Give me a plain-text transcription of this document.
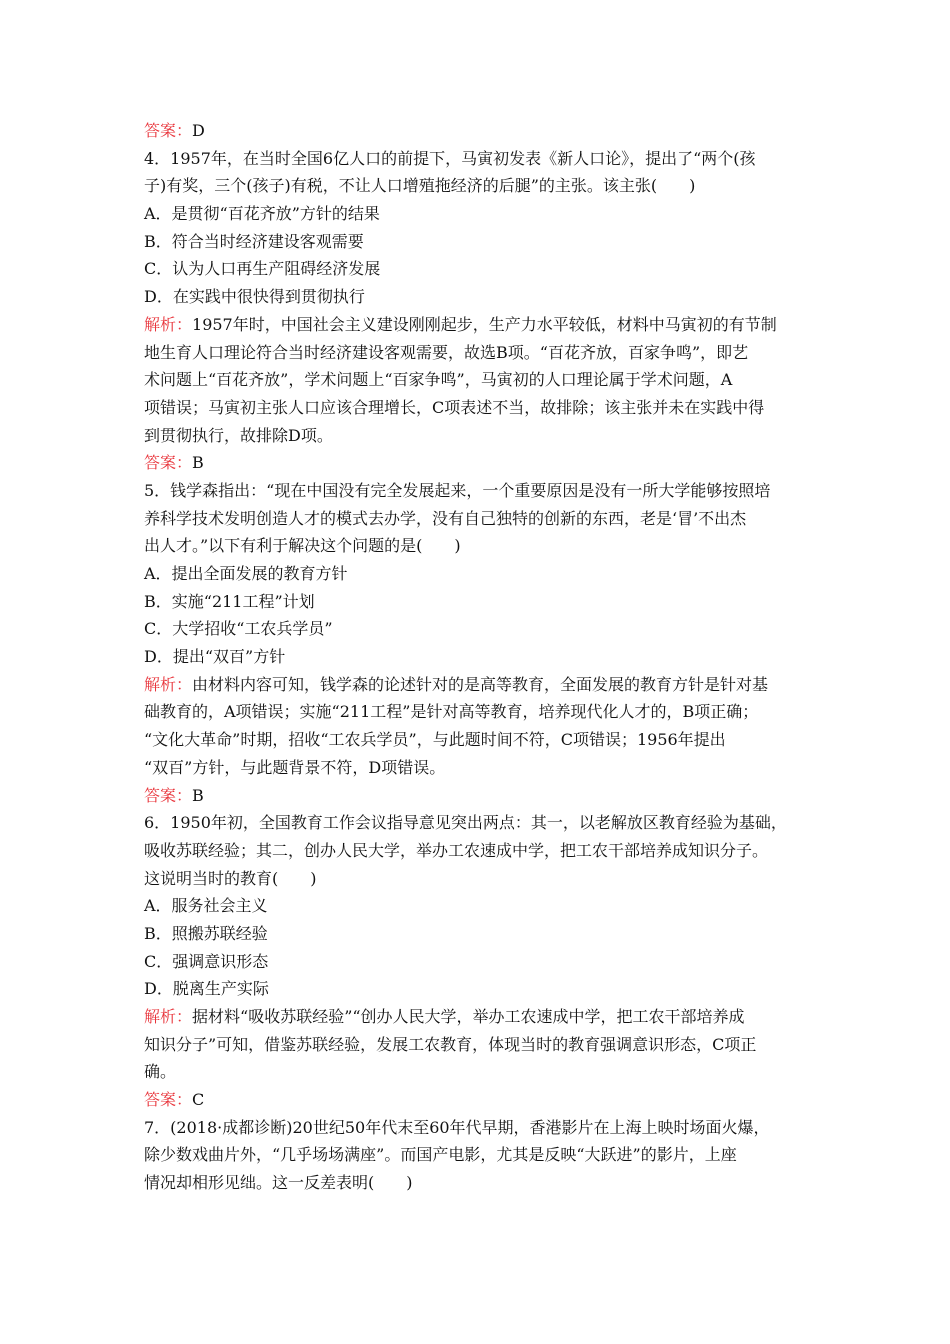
答案：D
4．1957年，在当时全国6亿人口的前提下，马寅初发表《新人口论》，提出了“两个(孩
子)有奖，三个(孩子)有税，不让人口增殖拖经济的后腿”的主张。该主张(　　)
A．是贯彻“百花齐放”方针的结果
B．符合当时经济建设客观需要
C．认为人口再生产阻碍经济发展
D．在实践中很快得到贯彻执行
解析：1957年时，中国社会主义建设刚刚起步，生产力水平较低，材料中马寅初的有节制
地生育人口理论符合当时经济建设客观需要，故选B项。“百花齐放，百家争鸣”，即艺
术问题上“百花齐放”，学术问题上“百家争鸣”，马寅初的人口理论属于学术问题，A
项错误；马寅初主张人口应该合理增长，C项表述不当，故排除；该主张并未在实践中得
到贯彻执行，故排除D项。
答案：B
5．钱学森指出：“现在中国没有完全发展起来，一个重要原因是没有一所大学能够按照培
养科学技术发明创造人才的模式去办学，没有自己独特的创新的东西，老是‘冒’不出杰
出人才。”以下有利于解决这个问题的是(　　)
A．提出全面发展的教育方针
B．实施“211工程”计划
C．大学招收“工农兵学员”
D．提出“双百”方针
解析：由材料内容可知，钱学森的论述针对的是高等教育，全面发展的教育方针是针对基
础教育的，A项错误；实施“211工程”是针对高等教育，培养现代化人才的，B项正确；
“文化大革命”时期，招收“工农兵学员”，与此题时间不符，C项错误；1956年提出
“双百”方针，与此题背景不符，D项错误。
答案：B
6．1950年初，全国教育工作会议指导意见突出两点：其一，以老解放区教育经验为基础，
吸收苏联经验；其二，创办人民大学，举办工农速成中学，把工农干部培养成知识分子。
这说明当时的教育(　　)
A．服务社会主义
B．照搬苏联经验
C．强调意识形态
D．脱离生产实际
解析：据材料“吸收苏联经验”“创办人民大学，举办工农速成中学，把工农干部培养成
知识分子”可知，借鉴苏联经验，发展工农教育，体现当时的教育强调意识形态，C项正
确。
答案：C
7．(2018·成都诊断)20世纪50年代末至60年代早期，香港影片在上海上映时场面火爆，
除少数戏曲片外，“几乎场场满座”。而国产电影，尤其是反映“大跃进”的影片，上座
情况却相形见绌。这一反差表明(　　)
